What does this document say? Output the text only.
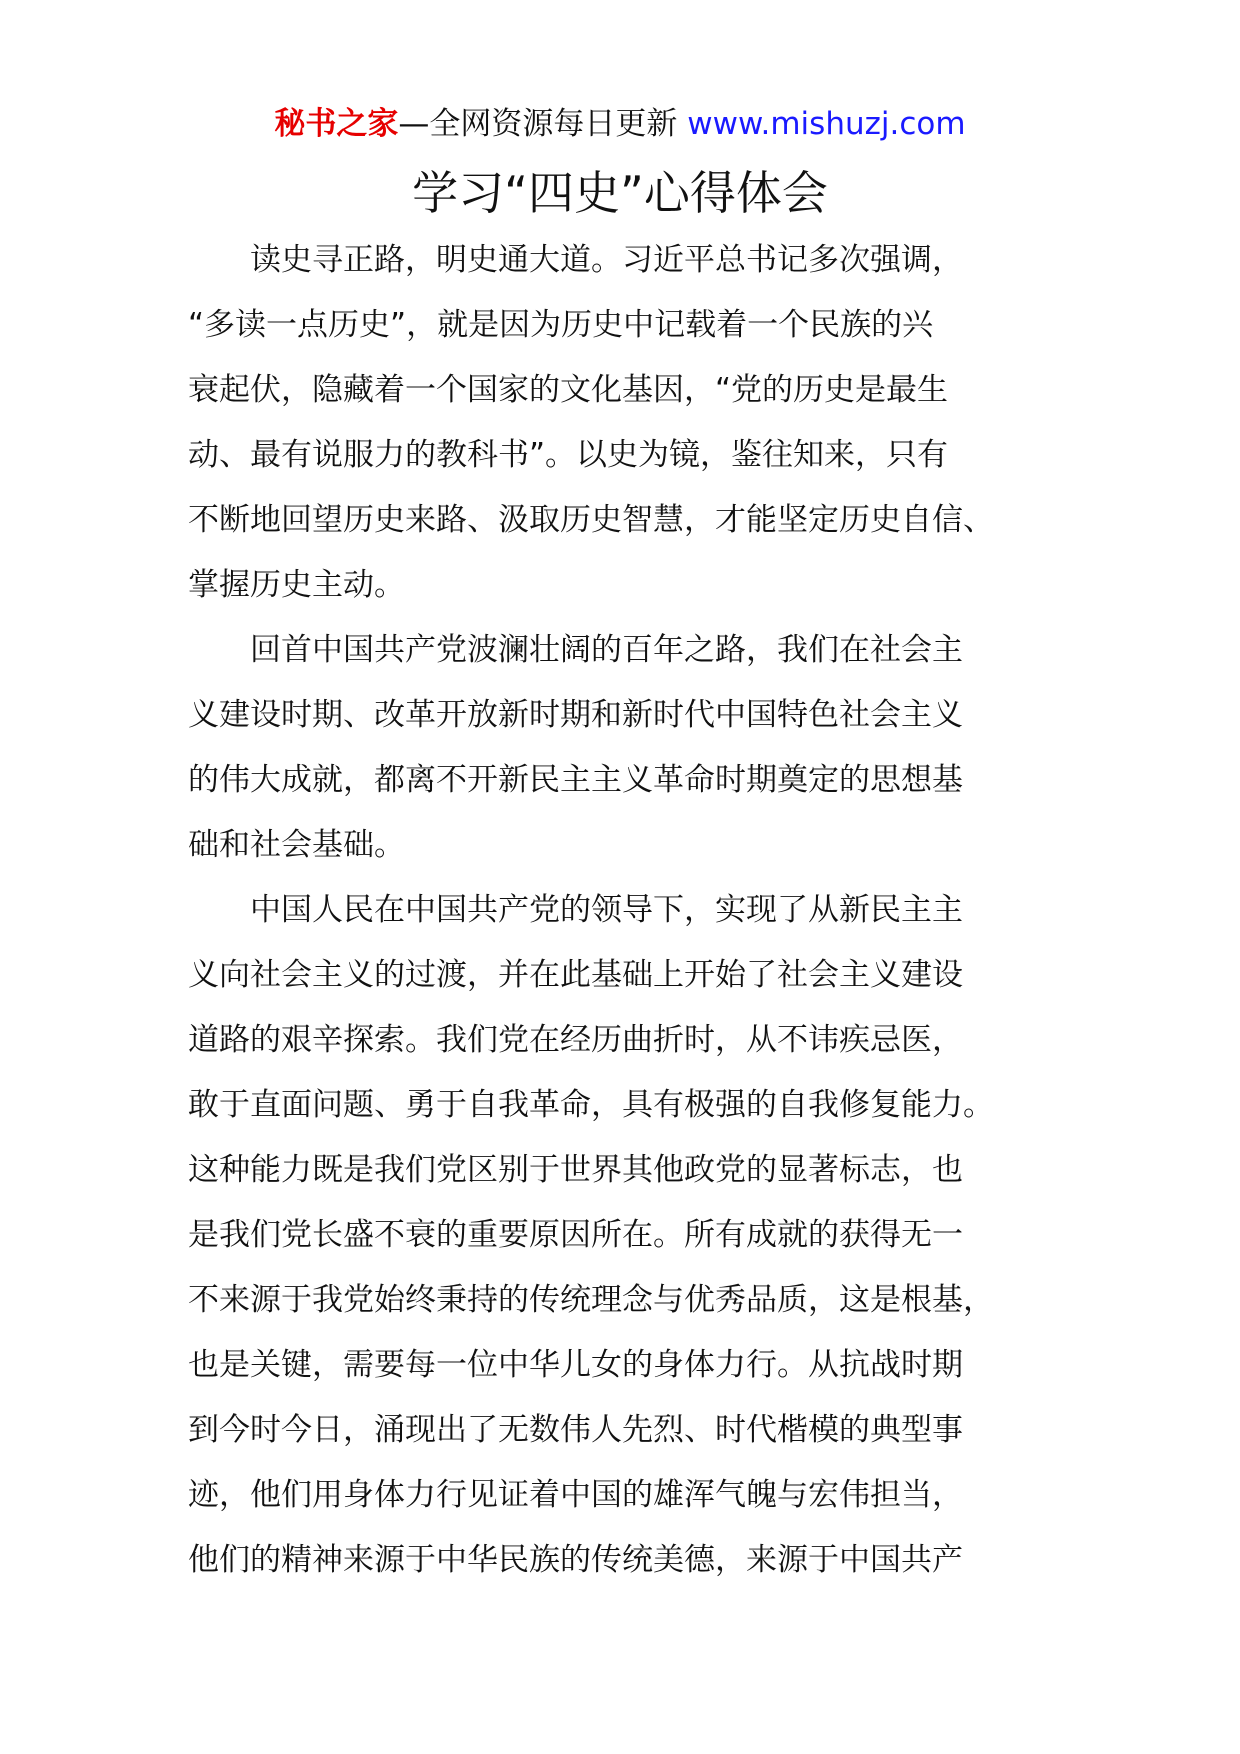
秘书之家—全网资源每日更新 www.mishuzj.com
学习“四史”心得体会
　　读史寻正路，明史通大道。习近平总书记多次强调，
“多读一点历史”，就是因为历史中记载着一个民族的兴
衰起伏，隐藏着一个国家的文化基因，“党的历史是最生
动、最有说服力的教科书”。以史为镜，鉴往知来，只有
不断地回望历史来路、汲取历史智慧，才能坚定历史自信、
掌握历史主动。
　　回首中国共产党波澜壮阔的百年之路，我们在社会主
义建设时期、改革开放新时期和新时代中国特色社会主义
的伟大成就，都离不开新民主主义革命时期奠定的思想基
础和社会基础。
　　中国人民在中国共产党的领导下，实现了从新民主主
义向社会主义的过渡，并在此基础上开始了社会主义建设
道路的艰辛探索。我们党在经历曲折时，从不讳疾忌医，
敢于直面问题、勇于自我革命，具有极强的自我修复能力。
这种能力既是我们党区别于世界其他政党的显著标志，也
是我们党长盛不衰的重要原因所在。所有成就的获得无一
不来源于我党始终秉持的传统理念与优秀品质，这是根基，
也是关键，需要每一位中华儿女的身体力行。从抗战时期
到今时今日，涌现出了无数伟人先烈、时代楷模的典型事
迹，他们用身体力行见证着中国的雄浑气魄与宏伟担当，
他们的精神来源于中华民族的传统美德，来源于中国共产
